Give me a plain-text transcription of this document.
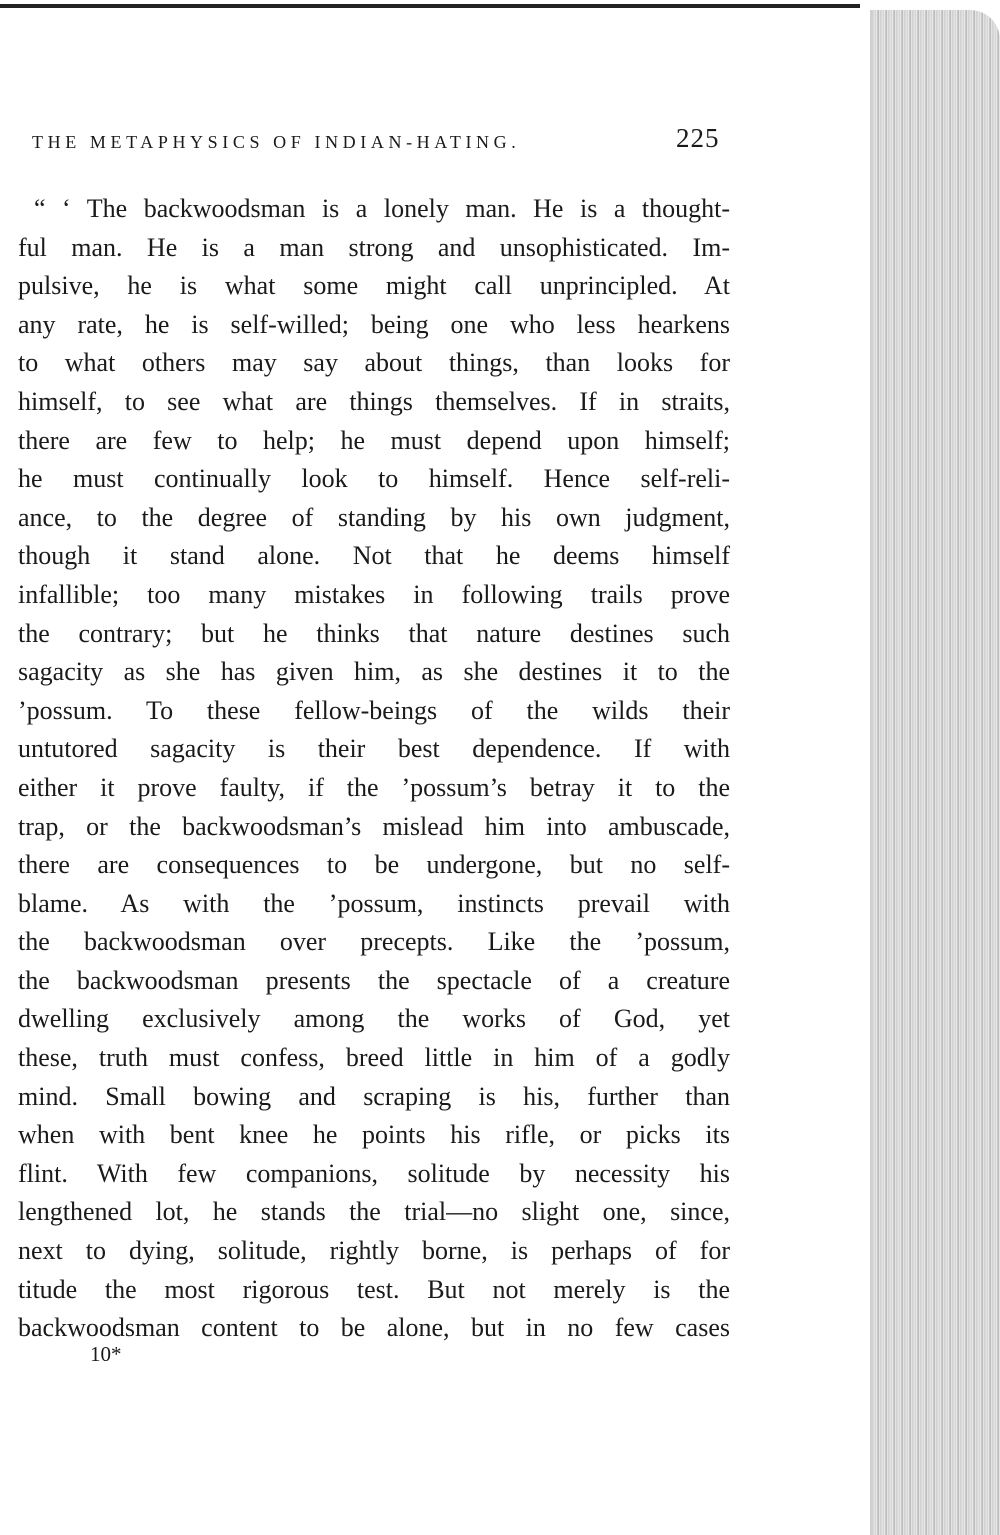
THE METAPHYSICS OF INDIAN-HATING.	225
“ ‘ The backwoodsman is a lonely man. He is a thought-
ful man. He is a man strong and unsophisticated. Im-
pulsive, he is what some might call unprincipled. At
any rate, he is self-willed; being one who less hearkens
to what others may say about things, than looks for
himself, to see what are things themselves. If in straits,
there are few to help; he must depend upon himself;
he must continually look to himself. Hence self-reli-
ance, to the degree of standing by his own judgment,
though it stand alone. Not that he deems himself
infallible; too many mistakes in following trails prove
the contrary; but he thinks that nature destines such
sagacity as she has given him, as she destines it to the
’possum. To these fellow-beings of the wilds their
untutored sagacity is their best dependence. If with
either it prove faulty, if the ’possum’s betray it to the
trap, or the backwoodsman’s mislead him into ambuscade,
there are consequences to be undergone, but no self-
blame. As with the ’possum, instincts prevail with
the backwoodsman over precepts. Like the ’possum,
the backwoodsman presents the spectacle of a creature
dwelling exclusively among the works of God, yet
these, truth must confess, breed little in him of a godly
mind. Small bowing and scraping is his, further than
when with bent knee he points his rifle, or picks its
flint. With few companions, solitude by necessity his
lengthened lot, he stands the trial—no slight one, since,
next to dying, solitude, rightly borne, is perhaps of for
titude the most rigorous test. But not merely is the
backwoodsman content to be alone, but in no few cases
10*
